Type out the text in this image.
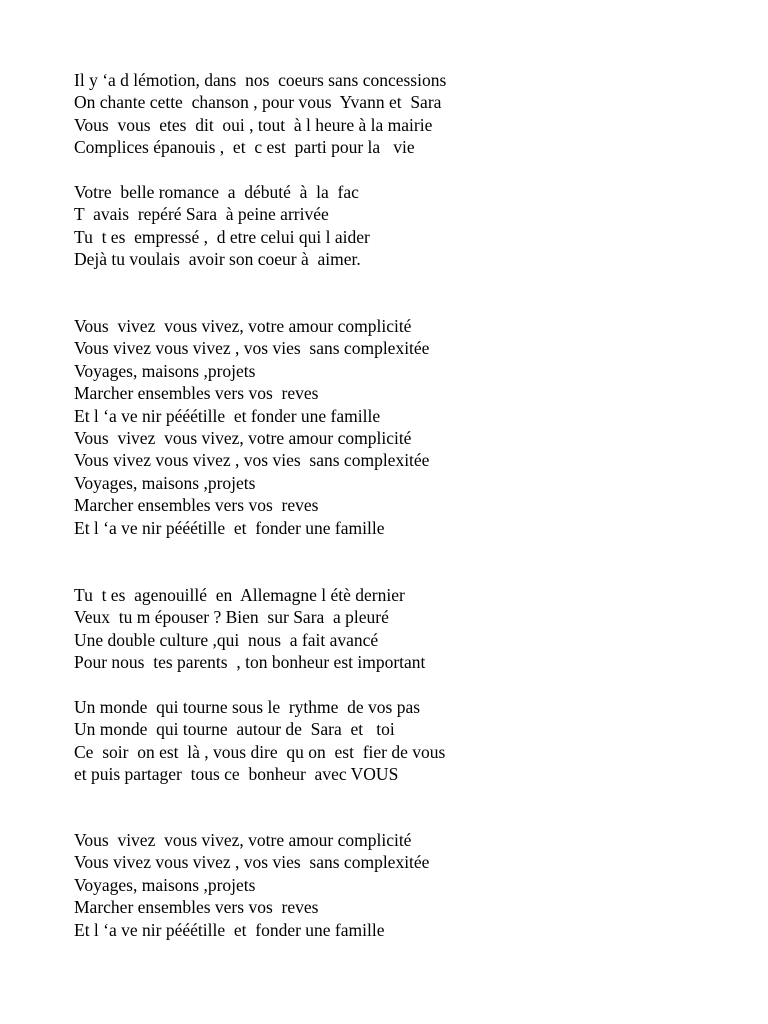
Il y ‘a d lémotion, dans  nos  coeurs sans concessions
On chante cette  chanson , pour vous  Yvann et  Sara
Vous  vous  etes  dit  oui , tout  à l heure à la mairie
Complices épanouis ,  et  c est  parti pour la   vie
Votre  belle romance  a  débuté  à  la  fac
T  avais  repéré Sara  à peine arrivée
Tu  t es  empressé ,  d etre celui qui l aider
Dejà tu voulais  avoir son coeur à  aimer.
Vous  vivez  vous vivez, votre amour complicité
Vous vivez vous vivez , vos vies  sans complexitée
Voyages, maisons ,projets
Marcher ensembles vers vos  reves
Et l ‘a ve nir pééétille  et fonder une famille
Vous  vivez  vous vivez, votre amour complicité
Vous vivez vous vivez , vos vies  sans complexitée
Voyages, maisons ,projets
Marcher ensembles vers vos  reves
Et l ‘a ve nir pééétille  et  fonder une famille
Tu  t es  agenouillé  en  Allemagne l étè dernier
Veux  tu m épouser ? Bien  sur Sara  a pleuré
Une double culture ,qui  nous  a fait avancé
Pour nous  tes parents  , ton bonheur est important
Un monde  qui tourne sous le  rythme  de vos pas
Un monde  qui tourne  autour de  Sara  et   toi
Ce  soir  on est  là , vous dire  qu on  est  fier de vous
et puis partager  tous ce  bonheur  avec VOUS
Vous  vivez  vous vivez, votre amour complicité
Vous vivez vous vivez , vos vies  sans complexitée
Voyages, maisons ,projets
Marcher ensembles vers vos  reves
Et l ‘a ve nir pééétille  et  fonder une famille
